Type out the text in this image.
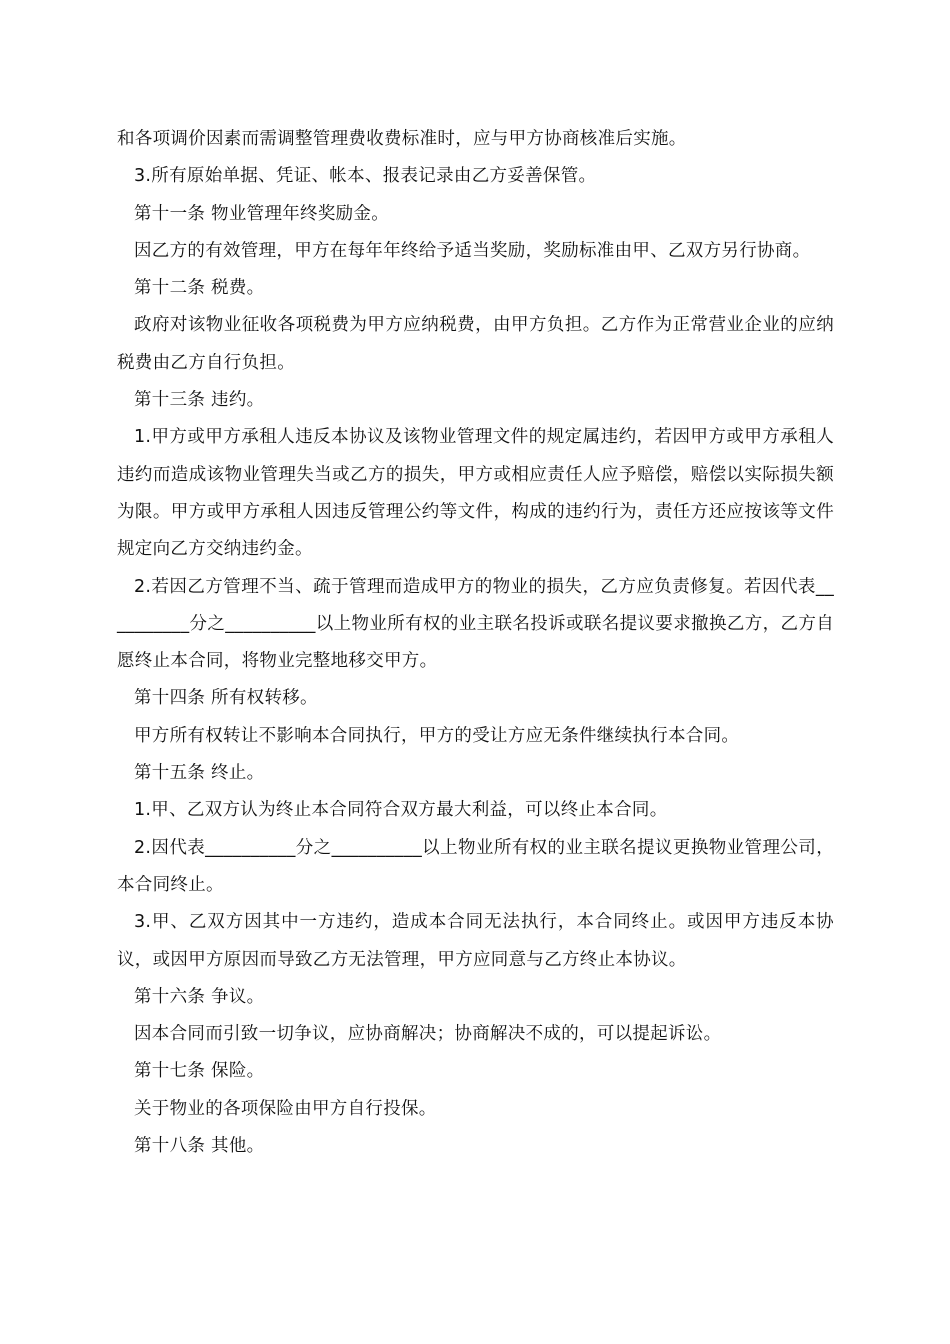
和各项调价因素而需调整管理费收费标准时，应与甲方协商核准后实施。

3.所有原始单据、凭证、帐本、报表记录由乙方妥善保管。

第十一条 物业管理年终奖励金。

因乙方的有效管理，甲方在每年年终给予适当奖励，奖励标准由甲、乙双方另行协商。

第十二条 税费。

政府对该物业征收各项税费为甲方应纳税费，由甲方负担。乙方作为正常营业企业的应纳税费由乙方自行负担。

第十三条 违约。

1.甲方或甲方承租人违反本协议及该物业管理文件的规定属违约，若因甲方或甲方承租人违约而造成该物业管理失当或乙方的损失，甲方或相应责任人应予赔偿，赔偿以实际损失额为限。甲方或甲方承租人因违反管理公约等文件，构成的违约行为，责任方还应按该等文件规定向乙方交纳违约金。

2.若因乙方管理不当、疏于管理而造成甲方的物业的损失，乙方应负责修复。若因代表__________分之__________以上物业所有权的业主联名投诉或联名提议要求撤换乙方，乙方自愿终止本合同，将物业完整地移交甲方。

第十四条 所有权转移。

甲方所有权转让不影响本合同执行，甲方的受让方应无条件继续执行本合同。

第十五条 终止。

1.甲、乙双方认为终止本合同符合双方最大利益，可以终止本合同。

2.因代表__________分之__________以上物业所有权的业主联名提议更换物业管理公司，本合同终止。

3.甲、乙双方因其中一方违约，造成本合同无法执行，本合同终止。或因甲方违反本协议，或因甲方原因而导致乙方无法管理，甲方应同意与乙方终止本协议。

第十六条 争议。

因本合同而引致一切争议，应协商解决；协商解决不成的，可以提起诉讼。

第十七条 保险。

关于物业的各项保险由甲方自行投保。

第十八条 其他。
